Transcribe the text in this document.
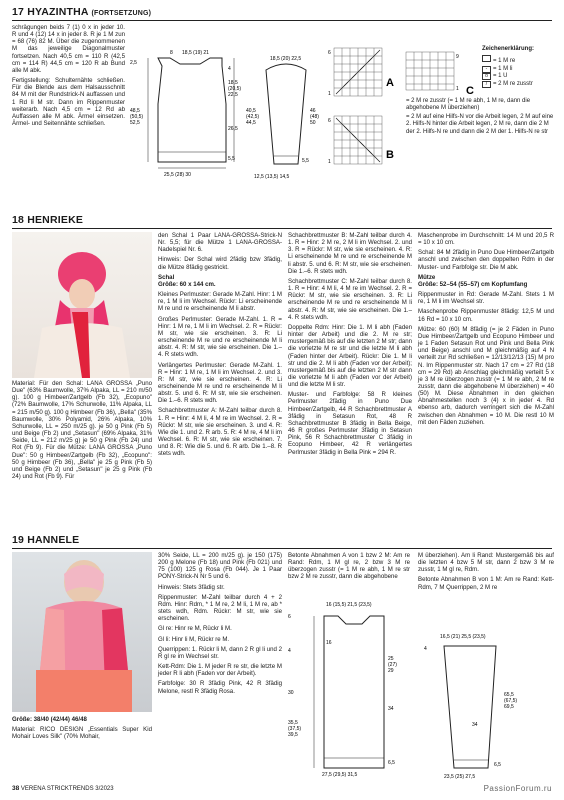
17 HYAZINTHA (FORTSETZUNG)

schrägungen beids 7 (1) 0 x in jeder 10. R und 4 (12) 14 x in jeder 8. R je 1 M zun = 68 (76) 82 M. Über die zugenommenen M das jeweilige Diagonalmuster fortsetzen. Nach 40,5 cm = 110 R (42,5 cm = 114 R) 44,5 cm = 120 R ab Bund alle M abk.

Fertigstellung: Schulternähte schließen. Für die Blende aus dem Halsausschnitt 84 M mit der Rundstrick-N auffassen und 1 Rd li M str. Dann im Rippenmuster weiterarb. Nach 4,5 cm = 12 Rd ab Auffassen alle M abk. Ärmel einsetzen. Ärmel- und Seitennähte schließen.

8 18,5 (19) 21
2,5
4
18,5
(20,5)
22,5
48,5
(50,5)
52,5
26,5
5,5
25,5 (28) 30
18,5 (20) 22,5
40,5
(42,5)
44,5
46
(48)
50
5,5
12,5 (13,5) 14,5
6
1
A
6
1
B
9
1 C
Zeichenerklärung:
= 1 M re
- = 1 M li
o = 1 U
/ = 2 M re zusstr
= 2 M re zusstr (= 1 M re abh, 1 M re, dann die abgehobene M überziehen)
= 2 M auf eine Hilfs-N vor die Arbeit legen, 2 M auf eine 2. Hilfs-N hinter die Arbeit legen, 2 M re, dann die 2 M der 2. Hilfs-N re und dann die 2 M der 1. Hilfs-N re str
18 HENRIEKE

Material: Für den Schal: LANA GROSSA „Puno Due" (63% Baumwolle, 37% Alpaka, LL = 210 m/50 g). 100 g Himbeer/Zartgelb (Fb 32), „Ecopuno" (72% Baumwolle, 17% Schurwolle, 11% Alpaka, LL = 215 m/50 g). 100 g Himbeer (Fb 36), „Bella" (35% Baumwolle, 30% Polyamid, 26% Alpaka, 10% Schurwolle, LL = 250 m/25 g). je 50 g Pink (Fb 5) und Beige (Fb 2) und „Setasun" (69% Alpaka, 31% Seide, LL = 212 m/25 g) je 50 g Pink (Fb 24) und Rot (Fb 9). Für die Mütze: LANA GROSSA „Puno Due": 50 g Himbeer/Zartgelb (Fb 32), „Ecopuno": 50 g Himbeer (Fb 36), „Bella" je 25 g Pink (Fb 5) und Beige (Fb 2) und „Setasun" je 25 g Pink (Fb 24) und Rot (Fb 9). Für

den Schal 1 Paar LANA-GROSSA-Strick-N Nr. 5,5; für die Mütze 1 LANA-GROSSA-Nadelspiel Nr. 6.

Hinweis: Der Schal wird 2fädig bzw 3fädig, die Mütze 8fädig gestrickt.

Schal
Größe: 60 x 144 cm.

Kleines Perlmuster: Gerade M-Zahl. Hinr: 1 M re, 1 M li im Wechsel. Rückr: Li erscheinende M re und re erscheinende M li abstr.

Großes Perlmuster: Gerade M-Zahl. 1. R = Hinr: 1 M re, 1 M li im Wechsel. 2. R = Rückr: M str, wie sie erscheinen. 3. R: Li erscheinende M re und re erscheinende M li abstr. 4. R: M str, wie sie erscheinen. Die 1.–4. R stets wdh.

Verlängertes Perlmuster: Gerade M-Zahl. 1. R = Hinr: 1 M re, 1 M li im Wechsel. 2. und 3. R: M str, wie sie erscheinen. 4. R: Li erscheinende M re und re erscheinende M li abstr. 5. und 6. R: M str, wie sie erscheinen. Die 1.–6. R stets wdh.

Schachbrettmuster A: M-Zahl teilbar durch 8. 1. R = Hinr: 4 M li, 4 M re im Wechsel. 2. R = Rückr: M str, wie sie erscheinen. 3. und 4. R: Wie die 1. und 2. R arb. 5. R: 4 M re, 4 M li im Wechsel. 6. R: M str, wie sie erscheinen. 7. und 8. R: Wie die 5. und 6. R arb. Die 1.–8. R stets wdh.

Schachbrettmuster B: M-Zahl teilbar durch 4. 1. R = Hinr: 2 M re, 2 M li im Wechsel. 2. und 3. R = Rückr: M str, wie sie erscheinen. 4. R: Li erscheinende M re und re erscheinende M li abstr. 5. und 6. R: M str, wie sie erscheinen. Die 1.–6. R stets wdh.

Schachbrettmuster C: M-Zahl teilbar durch 8. 1. R = Hinr: 4 M li, 4 M re im Wechsel. 2. R = Rückr: M str, wie sie erscheinen. 3. R: Li erscheinende M re und re erscheinende M li abstr. 4. R: M str, wie sie erscheinen. Die 1.–4. R stets wdh.

Doppelte Rdm: Hinr: Die 1. M li abh (Faden hinter der Arbeit) und die 2. M re str; mustergemäß bis auf die letzten 2 M str; dann die vorletzte M re str und die letzte M li abh (Faden hinter der Arbeit). Rückr: Die 1. M li str und die 2. M li abh (Faden vor der Arbeit); mustergemäß bis auf die letzten 2 M str dann die vorletzte M li abh (Faden vor der Arbeit) und die letzte M li str.

Muster- und Farbfolge: 58 R kleines Perlmuster 2fädig in Puno Due Himbeer/Zartgelb, 44 R Schachbrettmuster A 3fädig in Setasun Rot, 48 R Schachbrettmuster B 3fädig in Bella Beige, 46 R großes Perlmuster 3fädig in Setasun Pink, 56 R Schachbrettmuster C 3fädig in Ecopuno Himbeer, 42 R verlängertes Perlmuster 3fädig in Bella Pink = 294 R.

Maschenprobe im Durchschnitt: 14 M und 20,5 R = 10 x 10 cm.

Schal: 84 M 2fädig in Puno Due Himbeer/Zartgelb anschl und zwischen den doppelten Rdm in der Muster- und Farbfolge str. Die M abk.

Mütze
Größe: 52–54 (55–57) cm Kopfumfang

Rippenmuster in Rd: Gerade M-Zahl. Stets 1 M re, 1 M li im Wechsel str.

Maschenprobe Rippenmuster 8fädig: 12,5 M und 16 Rd = 10 x 10 cm.

Mütze: 60 (60) M 8fädig (= je 2 Fäden in Puno Due Himbeer/Zartgelb und Ecopuno Himbeer und je 1 Faden Setasun Rot und Pink und Bella Pink und Beige) anschl und M gleichmäßig auf 4 N verteilt zur Rd schließen = 12/13/12/13 (15) M pro N. Im Rippenmuster str. Nach 17 cm = 27 Rd (18 cm = 29 Rd) ab Anschlag gleichmäßig verteilt 5 x je 3 M re überzogen zusstr (= 1 M re abh, 2 M re zusstr, dann die abgehobene M überziehen) = 40 (50) M. Diese Abnahmen in den gleichen Abnahmestellen noch 3 (4) x in jeder 4. Rd ebenso arb, dadurch verringert sich die M-Zahl zwischen den Abnahmen = 10 M. Die restl 10 M mit den Fäden zuziehen.

19 HANNELE

Größe: 38/40 (42/44) 46/48

Material: RICO DESIGN „Essentials Super Kid Mohair Loves Silk" (70% Mohair,

30% Seide, LL = 200 m/25 g). je 150 (175) 200 g Melone (Fb 18) und Pink (Fb 021) und 75 (100) 125 g Rosa (Fb 044). Je 1 Paar PONY-Strick-N Nr 5 und 6.

Hinweis: Stets 3fädig str.

Rippenmuster: M-Zahl teilbar durch 4 + 2 Rdm. Hinr: Rdm, * 1 M re, 2 M li, 1 M re, ab * stets wdh, Rdm. Rückr: M str, wie sie erscheinen.

Gl re: Hinr re M, Rückr li M.

Gl li: Hinr li M, Rückr re M.

Querrippen: 1. Rückr li M, dann 2 R gl li und 2 R gl re im Wechsel str.

Kett-Rdm: Die 1. M jeder R re str, die letzte M jeder R li abh (Faden vor der Arbeit).

Farbfolge: 30 R 3fädig Pink, 42 R 3fädig Melone, restl R 3fädig Rosa.

Betonte Abnahmen A von 1 bzw 2 M: Am re Rand: Rdm, 1 M gl re, 2 bzw 3 M re überzogen zusstr (= 1 M re abh, 1 M re str bzw 2 M re zusstr, dann die abgehobene

M überziehen). Am li Rand: Mustergemäß bis auf die letzten 4 bzw 5 M str, dann 2 bzw 3 M re zusstr, 1 M gl re, Rdm.

Betonte Abnahmen B von 1 M: Am re Rand: Kett-Rdm, 7 M Querrippen, 2 M re

16 (15,5) 21,5 (23,5)
6
4
30
16
25
(27)
29
34
35,5
(37,5)
39,5
6,5
27,5 (29,5) 31,5
16,5 (21) 25,5 (23,5)
4
65,5
(67,5)
69,5
34
6,5
23,5 (25) 27,5
38 VERENA STRICKTRENDS 3/2023	PassionForum.ru
